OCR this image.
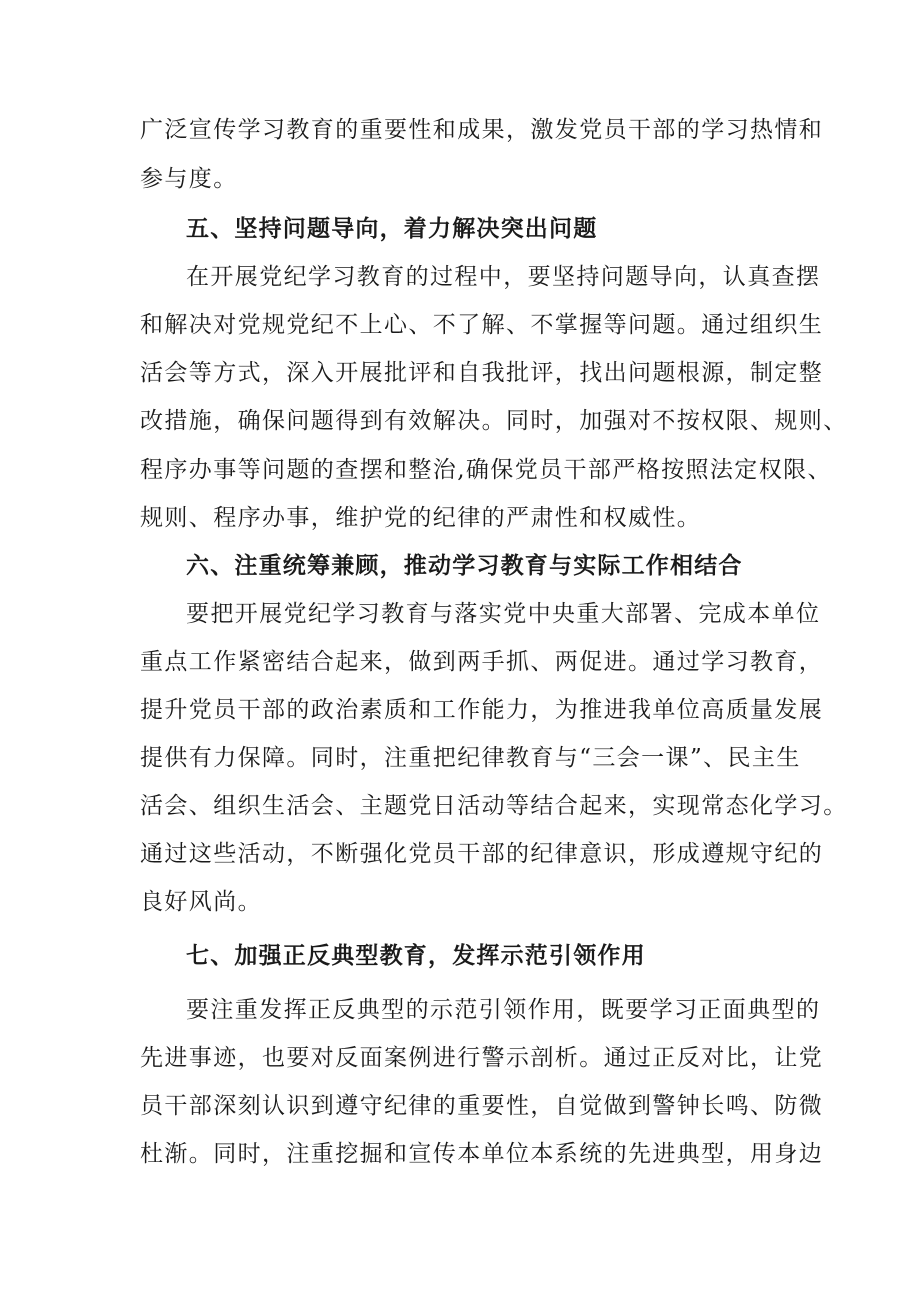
广泛宣传学习教育的重要性和成果，激发党员干部的学习热情和
参与度。
五、坚持问题导向，着力解决突出问题
在开展党纪学习教育的过程中，要坚持问题导向，认真查摆
和解决对党规党纪不上心、不了解、不掌握等问题。通过组织生
活会等方式，深入开展批评和自我批评，找出问题根源，制定整
改措施，确保问题得到有效解决。同时，加强对不按权限、规则、
程序办事等问题的查摆和整治,确保党员干部严格按照法定权限、
规则、程序办事，维护党的纪律的严肃性和权威性。
六、注重统筹兼顾，推动学习教育与实际工作相结合
要把开展党纪学习教育与落实党中央重大部署、完成本单位
重点工作紧密结合起来，做到两手抓、两促进。通过学习教育，
提升党员干部的政治素质和工作能力，为推进我单位高质量发展
提供有力保障。同时，注重把纪律教育与“三会一课”、民主生
活会、组织生活会、主题党日活动等结合起来，实现常态化学习。
通过这些活动，不断强化党员干部的纪律意识，形成遵规守纪的
良好风尚。
七、加强正反典型教育，发挥示范引领作用
要注重发挥正反典型的示范引领作用，既要学习正面典型的
先进事迹，也要对反面案例进行警示剖析。通过正反对比，让党
员干部深刻认识到遵守纪律的重要性，自觉做到警钟长鸣、防微
杜渐。同时，注重挖掘和宣传本单位本系统的先进典型，用身边
